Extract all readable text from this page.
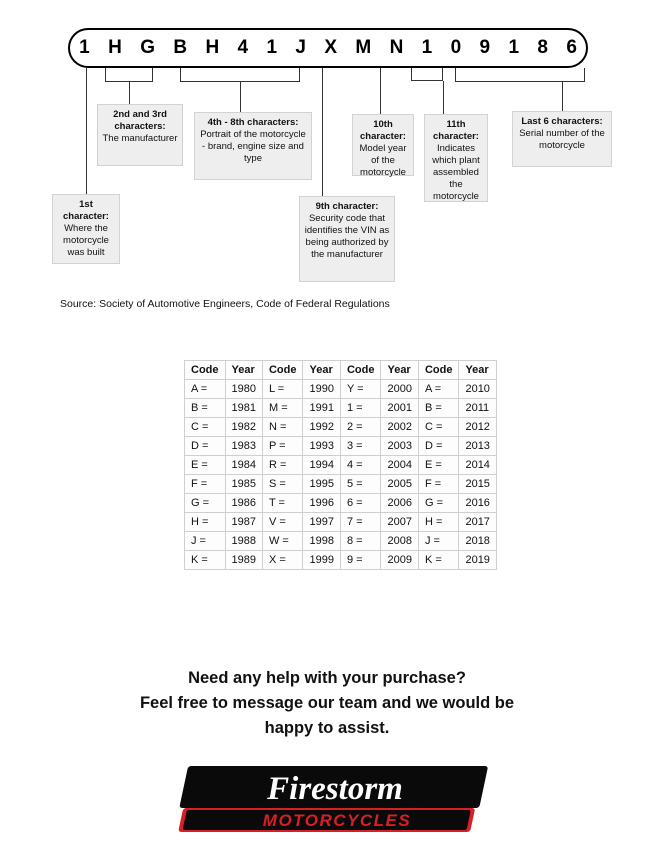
1 H G B H 4 1 J X M N 1 0 9 1 8 6
1st character:
Where the motorcycle was built
2nd and 3rd characters:
The manufacturer
4th - 8th characters:
Portrait of the motorcycle - brand, engine size and type
9th character:
Security code that identifies the VIN as being authorized by the manufacturer
10th character:
Model year of the motorcycle
11th character:
Indicates which plant assembled the motorcycle
Last 6 characters:
Serial number of the motorcycle
Source: Society of Automotive Engineers, Code of Federal Regulations
Code	Year	Code	Year	Code	Year	Code	Year
A =	1980	L =	1990	Y =	2000	A =	2010
B =	1981	M =	1991	1 =	2001	B =	2011
C =	1982	N =	1992	2 =	2002	C =	2012
D =	1983	P =	1993	3 =	2003	D =	2013
E =	1984	R =	1994	4 =	2004	E =	2014
F =	1985	S =	1995	5 =	2005	F =	2015
G =	1986	T =	1996	6 =	2006	G =	2016
H =	1987	V =	1997	7 =	2007	H =	2017
J =	1988	W =	1998	8 =	2008	J =	2018
K =	1989	X =	1999	9 =	2009	K =	2019
Need any help with your purchase?
Feel free to message our team and we would be
happy to assist.
Firestorm
MOTORCYCLES
